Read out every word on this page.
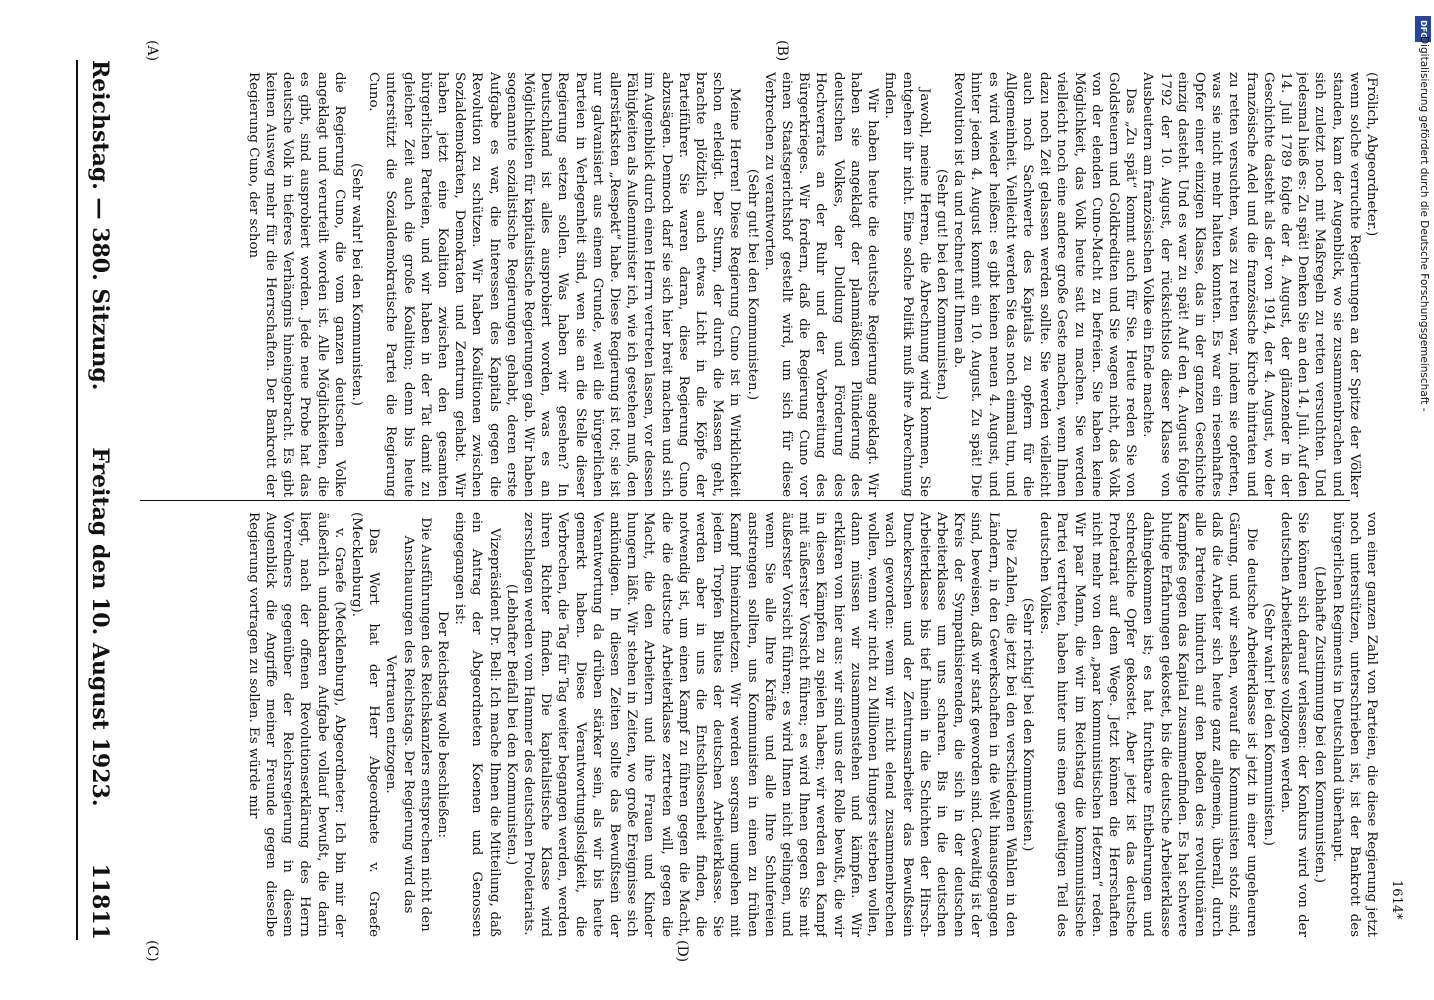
Reichstag. — 380. Sitzung.
Freitag den 10. August 1923.
11811
(A)	(B)
(C)	(D)

(Frölich, Abgeordneter.)

wenn solche verruchte Regierungen an der Spitze der Völker standen, kam der Augenblick, wo sie zusammenbrachen und sich zuletzt noch mit Maßregeln zu retten versuchten. Und jedesmal hieß es: Zu spät! Denken Sie an den 14. Juli. Auf den 14. Juli 1789 folgte der 4. August, der glänzender in der Geschichte dasteht als der von 1914, der 4. August, wo der französische Adel und die französische Kirche hintraten und zu retten versuchten, was zu retten war, indem sie opferten, was sie nicht mehr halten konnten. Es war ein riesenhaftes Opfer einer einzigen Klasse, das in der ganzen Geschichte einzig dasteht. Und es war zu spät! Auf den 4. August folgte 1792 der 10. August, der rücksichtslos dieser Klasse von Ausbeutern am französischen Volke ein Ende machte.

Das „Zu spät“ kommt auch für Sie. Heute reden Sie von Goldsteuern und Goldkrediten und Sie wagen nicht, das Volk von der elenden Cuno-Macht zu befreien. Sie haben keine Möglichkeit, das Volk heute satt zu machen. Sie werden vielleicht noch eine andere große Geste machen, wenn Ihnen dazu noch Zeit gelassen werden sollte. Sie werden vielleicht auch noch Sachwerte des Kapitals zu opfern für die Allgemeinheit. Vielleicht werden Sie das noch einmal tun, und es wird wieder heißen: es gibt keinen neuen 4. August, und hinter jedem 4. August kommt ein 10. August. Zu spät! Die Revolution ist da und rechnet mit Ihnen ab.

(Sehr gut! bei den Kommunisten.)

Jawohl, meine Herren, die Abrechnung wird kommen, Sie entgehen ihr nicht. Eine solche Politik muß ihre Abrechnung finden.

Wir haben heute die deutsche Regierung angeklagt. Wir haben sie angeklagt der planmäßigen Plünderung des deutschen Volkes, der Duldung und Förderung des Hochverrats an der Ruhr und der Vorbereitung des Bürgerkrieges. Wir fordern, daß die Regierung Cuno vor einen Staatsgerichtshof gestellt wird, um sich für diese Verbrechen zu verantworten.

(Sehr gut! bei den Kommunisten.)

Meine Herren! Diese Regierung Cuno ist in Wirklichkeit schon erledigt. Der Sturm, der durch die Massen geht, brachte plötzlich auch etwas Licht in die Köpfe der Parteiführer. Sie waren daran, diese Regierung Cuno abzusägen. Dennoch darf sie sich hier breit machen und sich im Augenblick durch einen Herrn vertreten lassen, vor dessen Fähigkeiten als Außenminister ich, wie ich gestehen muß, den allerstärksten „Respekt“ habe. Diese Regierung ist tot; sie ist nur galvanisiert aus einem Grunde, weil die bürgerlichen Parteien in Verlegenheit sind, wen sie an die Stelle dieser Regierung setzen sollen. Was haben wir gesehen? In Deutschland ist alles ausprobiert worden, was es an Möglichkeiten für kapitalistische Regierungen gab. Wir haben sogenannte sozialistische Regierungen gehabt, deren erste Aufgabe es war, die Interessen des Kapitals gegen die Revolution zu schützen. Wir haben Koalitionen zwischen Sozialdemokraten, Demokraten und Zentrum gehabt. Wir haben jetzt eine Koalition zwischen den gesamten bürgerlichen Parteien, und wir haben in der Tat damit zu gleicher Zeit auch die große Koalition; denn bis heute unterstützt die Sozialdemokratische Partei die Regierung Cuno.

(Sehr wahr! bei den Kommunisten.)

die Regierung Cuno, die vom ganzen deutschen Volke angeklagt und verurteilt worden ist. Alle Möglichkeiten, die es gibt, sind ausprobiert worden. Jede neue Probe hat das deutsche Volk in tieferes Verhängnis hineingebracht. Es gibt keinen Ausweg mehr für die Herrschaften. Der Bankrott der Regierung Cuno, der schon

von einer ganzen Zahl von Parteien, die diese Regierung jetzt noch unterstützen, unterschrieben ist, ist der Bankrott des bürgerlichen Regiments in Deutschland überhaupt.

(Lebhafte Zustimmung bei den Kommunisten.)

Sie können sich darauf verlassen: der Konkurs wird von der deutschen Arbeiterklasse vollzogen werden.

(Sehr wahr! bei den Kommunisten.)

Die deutsche Arbeiterklasse ist jetzt in einer ungeheuren Gärung, und wir sehen, worauf die Kommunisten stolz sind, daß die Arbeiter sich heute ganz allgemein, überall, durch alle Parteien hindurch auf den Boden des revolutionären Kampfes gegen das Kapital zusammenfinden. Es hat schwere blutige Erfahrungen gekostet, bis die deutsche Arbeiterklasse dahingekommen ist; es hat furchtbare Entbehrungen und schreckliche Opfer gekostet. Aber jetzt ist das deutsche Proletariat auf dem Wege. Jetzt können die Herrschaften nicht mehr von den „paar kommunistischen Hetzern“ reden. Wir paar Mann, die wir im Reichstag die kommunistische Partei vertreten, haben hinter uns einen gewaltigen Teil des deutschen Volkes.

(Sehr richtig! bei den Kommunisten.)

Die Zahlen, die jetzt bei den verschiedenen Wahlen in den Ländern, in den Gewerkschaften in die Welt hinausgegangen sind, beweisen, daß wir stark geworden sind. Gewaltig ist der Kreis der Sympathisierenden, die sich in der deutschen Arbeiterklasse um uns scharen. Bis in die deutschen Arbeiterklasse bis tief hinein in die Schichten der Hirsch-Dunckerschen und der Zentrumsarbeiter das Bewußtsein wach geworden: wenn wir nicht elend zusammenbrechen wollen, wenn wir nicht zu Millionen Hungers sterben wollen, dann müssen wir zusammenstehen und kämpfen. Wir erklären von hier aus: wir sind uns der Rolle bewußt, die wir in diesen Kämpfen zu spielen haben; wir werden den Kampf mit äußerster Vorsicht führen; es wird Ihnen gegen Sie mit äußerster Vorsicht führen; es wird Ihnen nicht gelingen, und wenn Sie alle Ihre Kräfte und alle Ihre Schufereien anstrengen sollten, uns Kommunisten in einen zu frühen Kampf hineinzuhetzen. Wir werden sorgsam umgehen mit jedem Tropfen Blutes der deutschen Arbeiterklasse. Sie werden aber in uns die Entschlossenheit finden, die notwendig ist, um einen Kampf zu führen gegen die Macht, die die deutsche Arbeiterklasse zertreten will, gegen die Macht, die den Arbeitern und ihre Frauen und Kinder hungern läßt. Wir stehen in Zeiten, wo große Ereignisse sich ankündigen. In diesen Zeiten sollte das Bewußtsein der Verantwortung da drüben stärker sein, als wir bis heute gemerkt haben. Diese Verantwortungslosigkeit, die Verbrechen, die Tag für Tag weiter begangen werden, werden ihren Richter finden. Die kapitalistische Klasse wird zerschlagen werden vom Hammer des deutschen Proletariats.

(Lebhafter Beifall bei den Kommunisten.)

Vizepräsident Dr. Bell: Ich mache Ihnen die Mitteilung, daß ein Antrag der Abgeordneten Koenen und Genossen eingegangen ist:

Der Reichstag wolle beschließen:

Die Ausführungen des Reichskanzlers entsprechen nicht den Anschauungen des Reichstags. Der Regierung wird das Vertrauen entzogen.

Das Wort hat der Herr Abgeordnete v. Graefe (Mecklenburg).

v. Graefe (Mecklenburg), Abgeordneter: Ich bin mir der äußerlich undankbaren Aufgabe vollauf bewußt, die darin liegt, nach der offenen Revolutionserklärung des Herrn Vorredners gegenüber der Reichsregierung in diesem Augenblick die Angriffe meiner Freunde gegen dieselbe Regierung vortragen zu sollen. Es würde mir

1614*
DFG
Digitalisierung gefördert durch die Deutsche Forschungsgemeinschaft -
